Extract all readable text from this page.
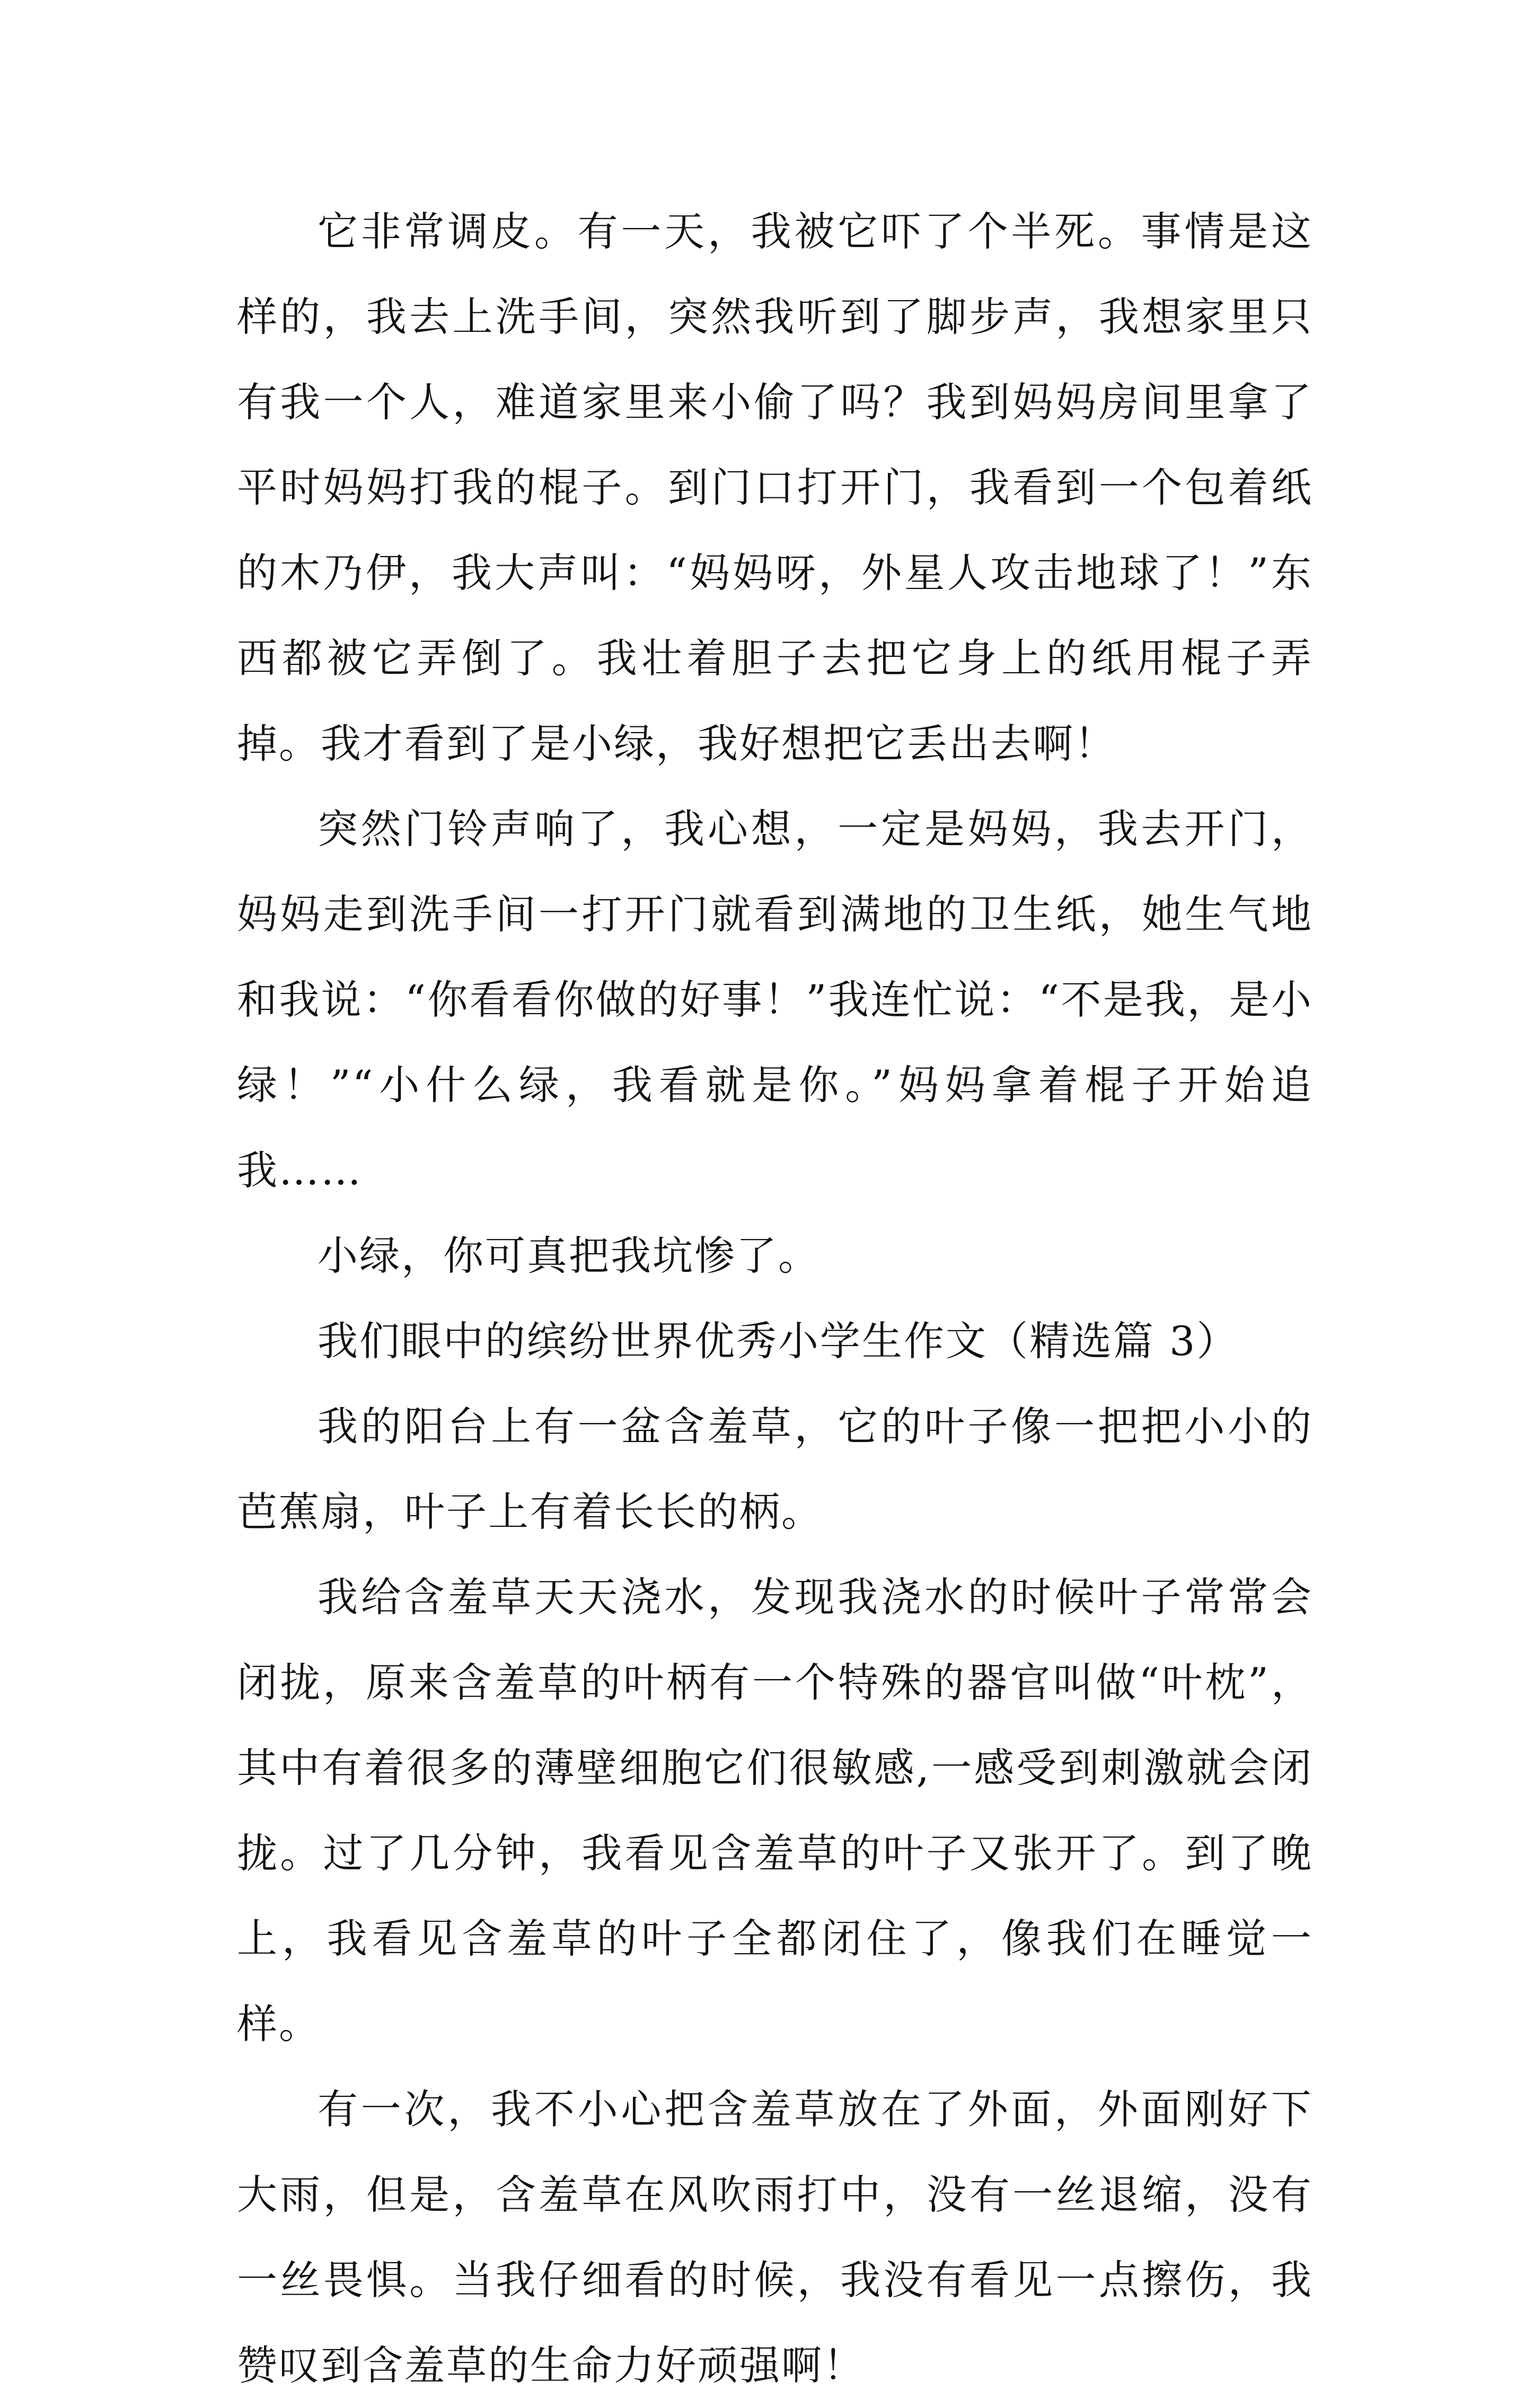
它非常调皮。有一天，我被它吓了个半死。事情是这样的，我去上洗手间，突然我听到了脚步声，我想家里只有我一个人，难道家里来小偷了吗？我到妈妈房间里拿了平时妈妈打我的棍子。到门口打开门，我看到一个包着纸的木乃伊，我大声叫：“妈妈呀，外星人攻击地球了！”东西都被它弄倒了。我壮着胆子去把它身上的纸用棍子弄掉。我才看到了是小绿，我好想把它丢出去啊！

突然门铃声响了，我心想，一定是妈妈，我去开门，妈妈走到洗手间一打开门就看到满地的卫生纸，她生气地和我说：“你看看你做的好事！”我连忙说：“不是我，是小绿！”“小什么绿，我看就是你。”妈妈拿着棍子开始追我……

小绿，你可真把我坑惨了。

我们眼中的缤纷世界优秀小学生作文（精选篇 3）

我的阳台上有一盆含羞草，它的叶子像一把把小小的芭蕉扇，叶子上有着长长的柄。

我给含羞草天天浇水，发现我浇水的时候叶子常常会闭拢，原来含羞草的叶柄有一个特殊的器官叫做“叶枕”，其中有着很多的薄壁细胞它们很敏感,一感受到刺激就会闭拢。过了几分钟，我看见含羞草的叶子又张开了。到了晚上，我看见含羞草的叶子全都闭住了，像我们在睡觉一样。

有一次，我不小心把含羞草放在了外面，外面刚好下大雨，但是，含羞草在风吹雨打中，没有一丝退缩，没有一丝畏惧。当我仔细看的时候，我没有看见一点擦伤，我赞叹到含羞草的生命力好顽强啊！
